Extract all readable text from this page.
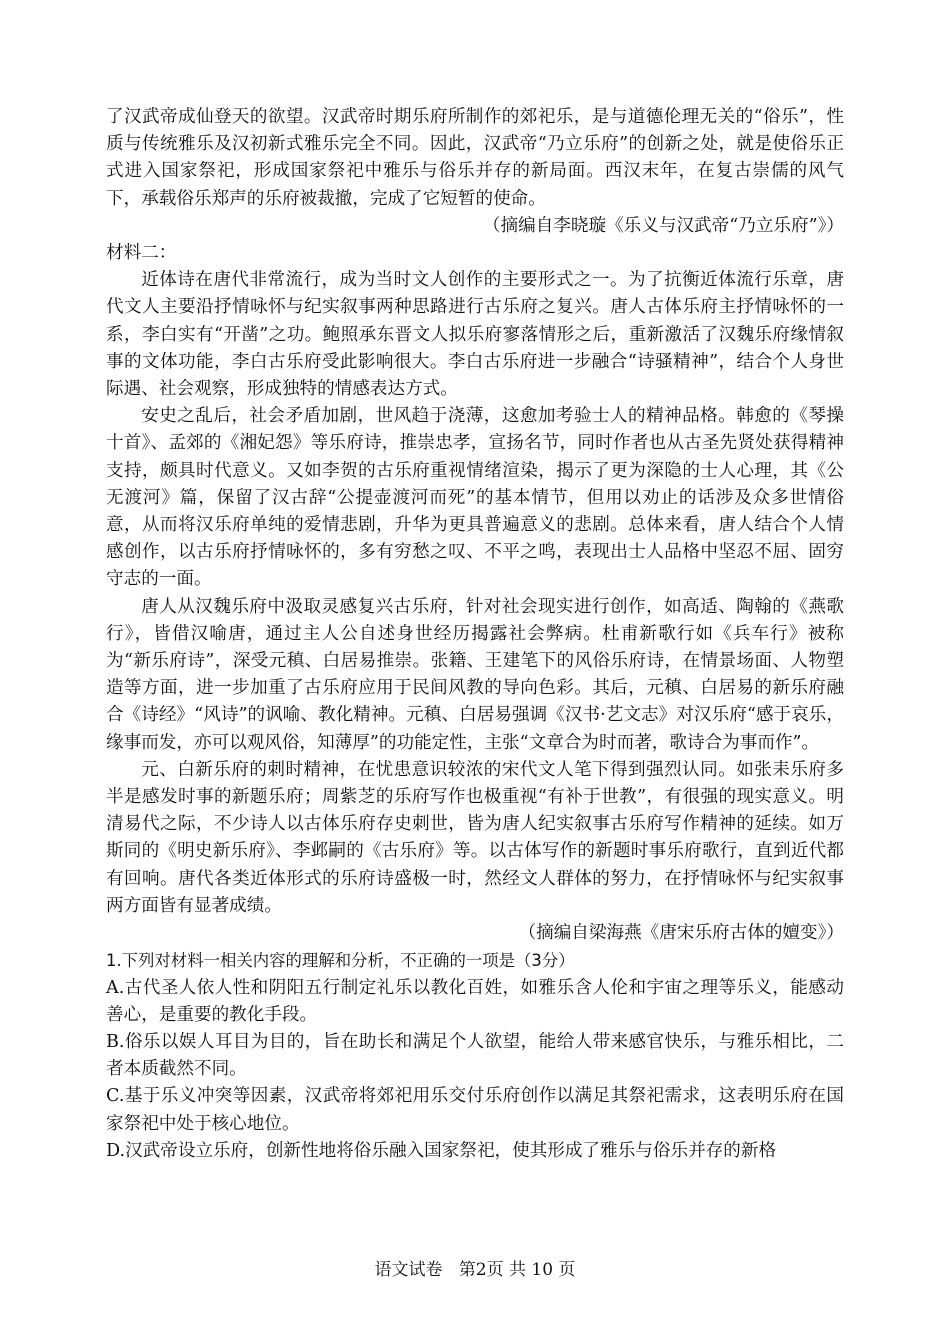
了汉武帝成仙登天的欲望。汉武帝时期乐府所制作的郊祀乐，是与道德伦理无关的“俗乐”，性质与传统雅乐及汉初新式雅乐完全不同。因此，汉武帝“乃立乐府”的创新之处，就是使俗乐正式进入国家祭祀，形成国家祭祀中雅乐与俗乐并存的新局面。西汉末年，在复古崇儒的风气下，承载俗乐郑声的乐府被裁撤，完成了它短暂的使命。

（摘编自李晓璇《乐义与汉武帝“乃立乐府”》）

材料二：

近体诗在唐代非常流行，成为当时文人创作的主要形式之一。为了抗衡近体流行乐章，唐代文人主要沿抒情咏怀与纪实叙事两种思路进行古乐府之复兴。唐人古体乐府主抒情咏怀的一系，李白实有“开凿”之功。鲍照承东晋文人拟乐府寥落情形之后，重新激活了汉魏乐府缘情叙事的文体功能，李白古乐府受此影响很大。李白古乐府进一步融合“诗骚精神”，结合个人身世际遇、社会观察，形成独特的情感表达方式。

安史之乱后，社会矛盾加剧，世风趋于浇薄，这愈加考验士人的精神品格。韩愈的《琴操十首》、孟郊的《湘妃怨》等乐府诗，推崇忠孝，宣扬名节，同时作者也从古圣先贤处获得精神支持，颇具时代意义。又如李贺的古乐府重视情绪渲染，揭示了更为深隐的士人心理，其《公无渡河》篇，保留了汉古辞“公提壶渡河而死”的基本情节，但用以劝止的话涉及众多世情俗意，从而将汉乐府单纯的爱情悲剧，升华为更具普遍意义的悲剧。总体来看，唐人结合个人情感创作，以古乐府抒情咏怀的，多有穷愁之叹、不平之鸣，表现出士人品格中坚忍不屈、固穷守志的一面。

唐人从汉魏乐府中汲取灵感复兴古乐府，针对社会现实进行创作，如高适、陶翰的《燕歌行》，皆借汉喻唐，通过主人公自述身世经历揭露社会弊病。杜甫新歌行如《兵车行》被称为“新乐府诗”，深受元稹、白居易推崇。张籍、王建笔下的风俗乐府诗，在情景场面、人物塑造等方面，进一步加重了古乐府应用于民间风教的导向色彩。其后，元稹、白居易的新乐府融合《诗经》“风诗”的讽喻、教化精神。元稹、白居易强调《汉书·艺文志》对汉乐府“感于哀乐，缘事而发，亦可以观风俗，知薄厚”的功能定性，主张“文章合为时而著，歌诗合为事而作”。

元、白新乐府的刺时精神，在忧患意识较浓的宋代文人笔下得到强烈认同。如张耒乐府多半是感发时事的新题乐府；周紫芝的乐府写作也极重视“有补于世教”，有很强的现实意义。明清易代之际，不少诗人以古体乐府存史刺世，皆为唐人纪实叙事古乐府写作精神的延续。如万斯同的《明史新乐府》、李邺嗣的《古乐府》等。以古体写作的新题时事乐府歌行，直到近代都有回响。唐代各类近体形式的乐府诗盛极一时，然经文人群体的努力，在抒情咏怀与纪实叙事两方面皆有显著成绩。

（摘编自梁海燕《唐宋乐府古体的嬗变》）

1.下列对材料一相关内容的理解和分析，不正确的一项是（3分）

A.古代圣人依人性和阴阳五行制定礼乐以教化百姓，如雅乐含人伦和宇宙之理等乐义，能感动善心，是重要的教化手段。

B.俗乐以娱人耳目为目的，旨在助长和满足个人欲望，能给人带来感官快乐，与雅乐相比，二者本质截然不同。

C.基于乐义冲突等因素，汉武帝将郊祀用乐交付乐府创作以满足其祭祀需求，这表明乐府在国家祭祀中处于核心地位。

D.汉武帝设立乐府，创新性地将俗乐融入国家祭祀，使其形成了雅乐与俗乐并存的新格

语文试卷 第2页 共 10 页
